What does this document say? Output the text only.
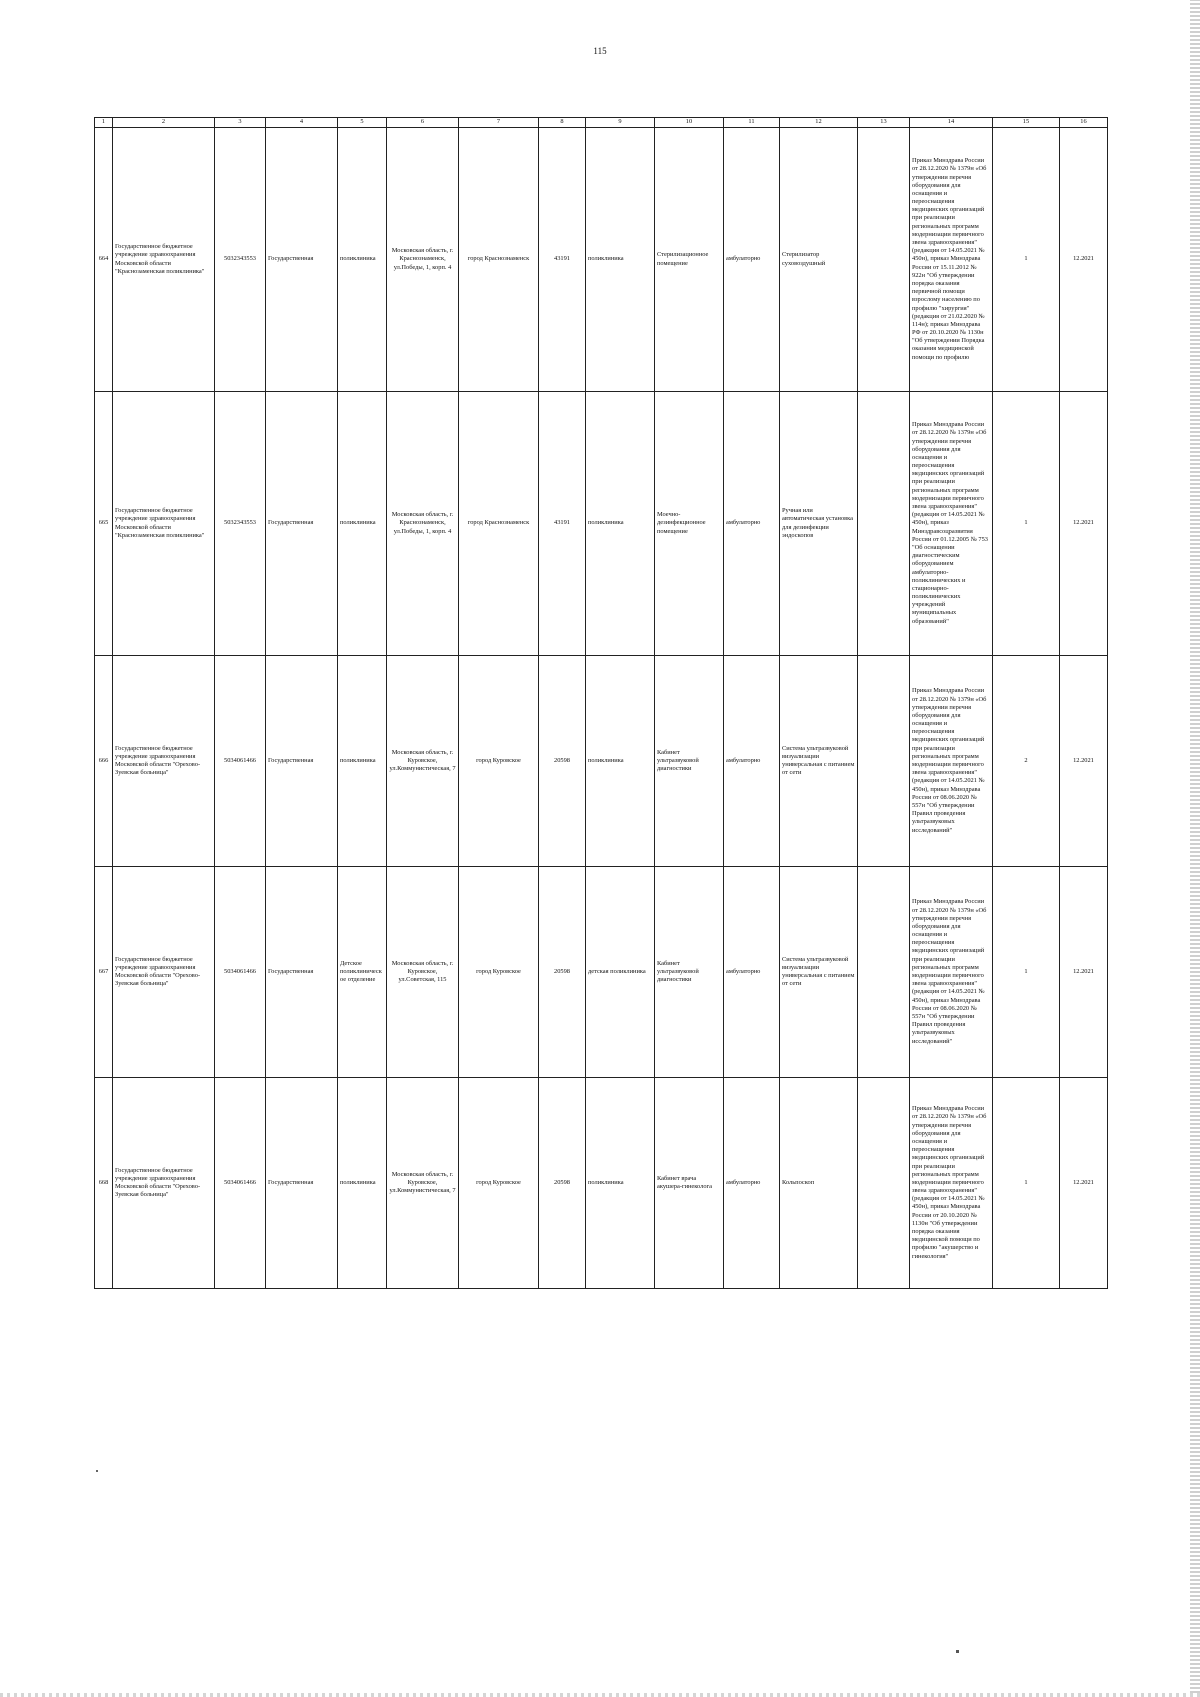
115
1	2	3	4	5	6	7	8	9	10	11	12	13	14	15	16
664	Государственное бюджетное учреждение здравоохранения Московской области "Краснозаменская поликлиника"	5032343553	Государственная	поликлиника	Московская область, г. Краснознаменск, ул.Победы, 1, корп. 4	город Краснознаменск	43191	поликлиника	Стерилизационное помещение	амбулаторно	Стерилизатор суховоздушный		Приказ Минздрава России от 28.12.2020 № 1379н «Об утверждении перечня оборудования для оснащения и переоснащения медицинских организаций при реализации региональных программ модернизации первичного звена здравоохранения"(редакция от 14.05.2021 № 450н), приказ Минздрава России от 15.11.2012 № 922н "Об утверждении порядка оказания первичной помощи взрослому населению по профилю "хирургия" (редакция от 21.02.2020 № 114н); приказ Минздрава РФ от 20.10.2020 № 1130н "Об утверждении Порядка оказания медицинской помощи по профилю	1	12.2021
665	Государственное бюджетное учреждение здравоохранения Московской области "Краснозаменская поликлиника"	5032343553	Государственная	поликлиника	Московская область, г. Краснознаменск, ул.Победы, 1, корп. 4	город Краснознаменск	43191	поликлиника	Моечно-дезинфекционное помещение	амбулаторно	Ручная или автоматическая установка для дезинфекции эндоскопов		Приказ Минздрава России от 28.12.2020 № 1379н «Об утверждении перечня оборудования для оснащения и переоснащения медицинских организаций при реализации региональных программ модернизации первичного звена здравоохранения"(редакция от 14.05.2021 № 450н), приказ Минздравсоцразвития России от 01.12.2005 № 753 "Об оснащении диагностическим оборудованием амбулаторно-поликлинических и стационарно-поликлинических учреждений муниципальных образований"	1	12.2021
666	Государственное бюджетное учреждение здравоохранения Московской области "Орехово-Зуевская больница"	5034061466	Государственная	поликлиника	Московская область, г. Куровское, ул.Коммунистическая, 7	город Куровское	20598	поликлиника	Кабинет ультразвуковой диагностики	амбулаторно	Система ультразвуковой визуализации универсальная с питанием от сети		Приказ Минздрава России от 28.12.2020 № 1379н «Об утверждении перечня оборудования для оснащения и переоснащения медицинских организаций при реализации региональных программ модернизации первичного звена здравоохранения"(редакция от 14.05.2021 № 450н), приказ Минздрава России от 08.06.2020 № 557н "Об утверждении Правил проведения ультразвуковых исследований"	2	12.2021
667	Государственное бюджетное учреждение здравоохранения Московской области "Орехово-Зуевская больница"	5034061466	Государственная	Детское поликлиническое отделение	Московская область, г. Куровское, ул.Советская, 115	город Куровское	20598	детская поликлиника	Кабинет ультразвуковой диагностики	амбулаторно	Система ультразвуковой визуализации универсальная с питанием от сети		Приказ Минздрава России от 28.12.2020 № 1379н «Об утверждении перечня оборудования для оснащения и переоснащения медицинских организаций при реализации региональных программ модернизации первичного звена здравоохранения"(редакция от 14.05.2021 № 450н), приказ Минздрава России от 08.06.2020 № 557н "Об утверждении Правил проведения ультразвуковых исследований"	1	12.2021
668	Государственное бюджетное учреждение здравоохранения Московской области "Орехово-Зуевская больница"	5034061466	Государственная	поликлиника	Московская область, г. Куровское, ул.Коммунистическая, 7	город Куровское	20598	поликлиника	Кабинет врача акушера-гинеколога	амбулаторно	Кольпоскоп		Приказ Минздрава России от 28.12.2020 № 1379н «Об утверждении перечня оборудования для оснащения и переоснащения медицинских организаций при реализации региональных программ модернизации первичного звена здравоохранения"(редакция от 14.05.2021 № 450н), приказ Минздрава России от 20.10.2020 № 1130н "Об утверждении порядка оказания медицинской помощи по профилю "акушерство и гинекология"	1	12.2021
